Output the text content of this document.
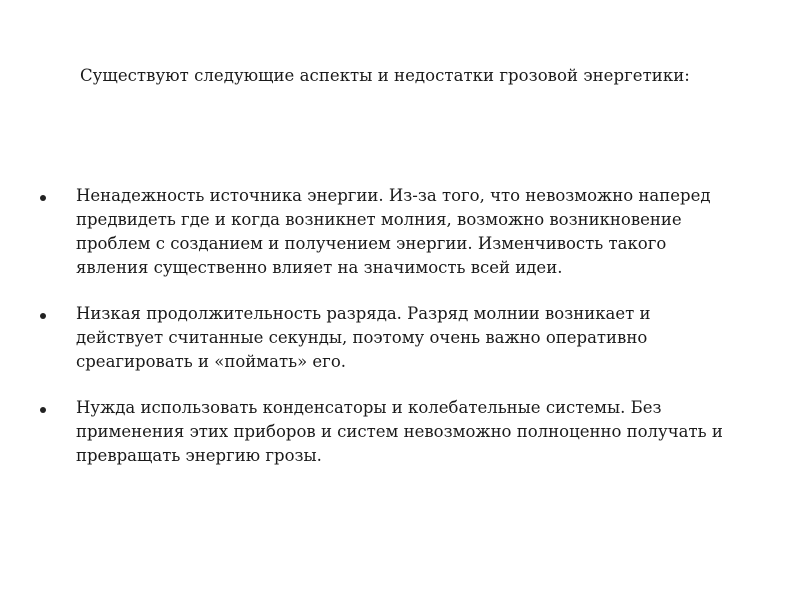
Существуют следующие аспекты и недостатки грозовой энергетики:
Ненадежность источника энергии. Из-за того, что невозможно наперед
предвидеть где и когда возникнет молния, возможно возникновение
проблем с созданием и получением энергии. Изменчивость такого
явления существенно влияет на значимость всей идеи.
Низкая продолжительность разряда. Разряд молнии возникает и
действует считанные секунды, поэтому очень важно оперативно
среагировать и «поймать» его.
Нужда использовать конденсаторы и колебательные системы. Без
применения этих приборов и систем невозможно полноценно получать и
превращать энергию грозы.
